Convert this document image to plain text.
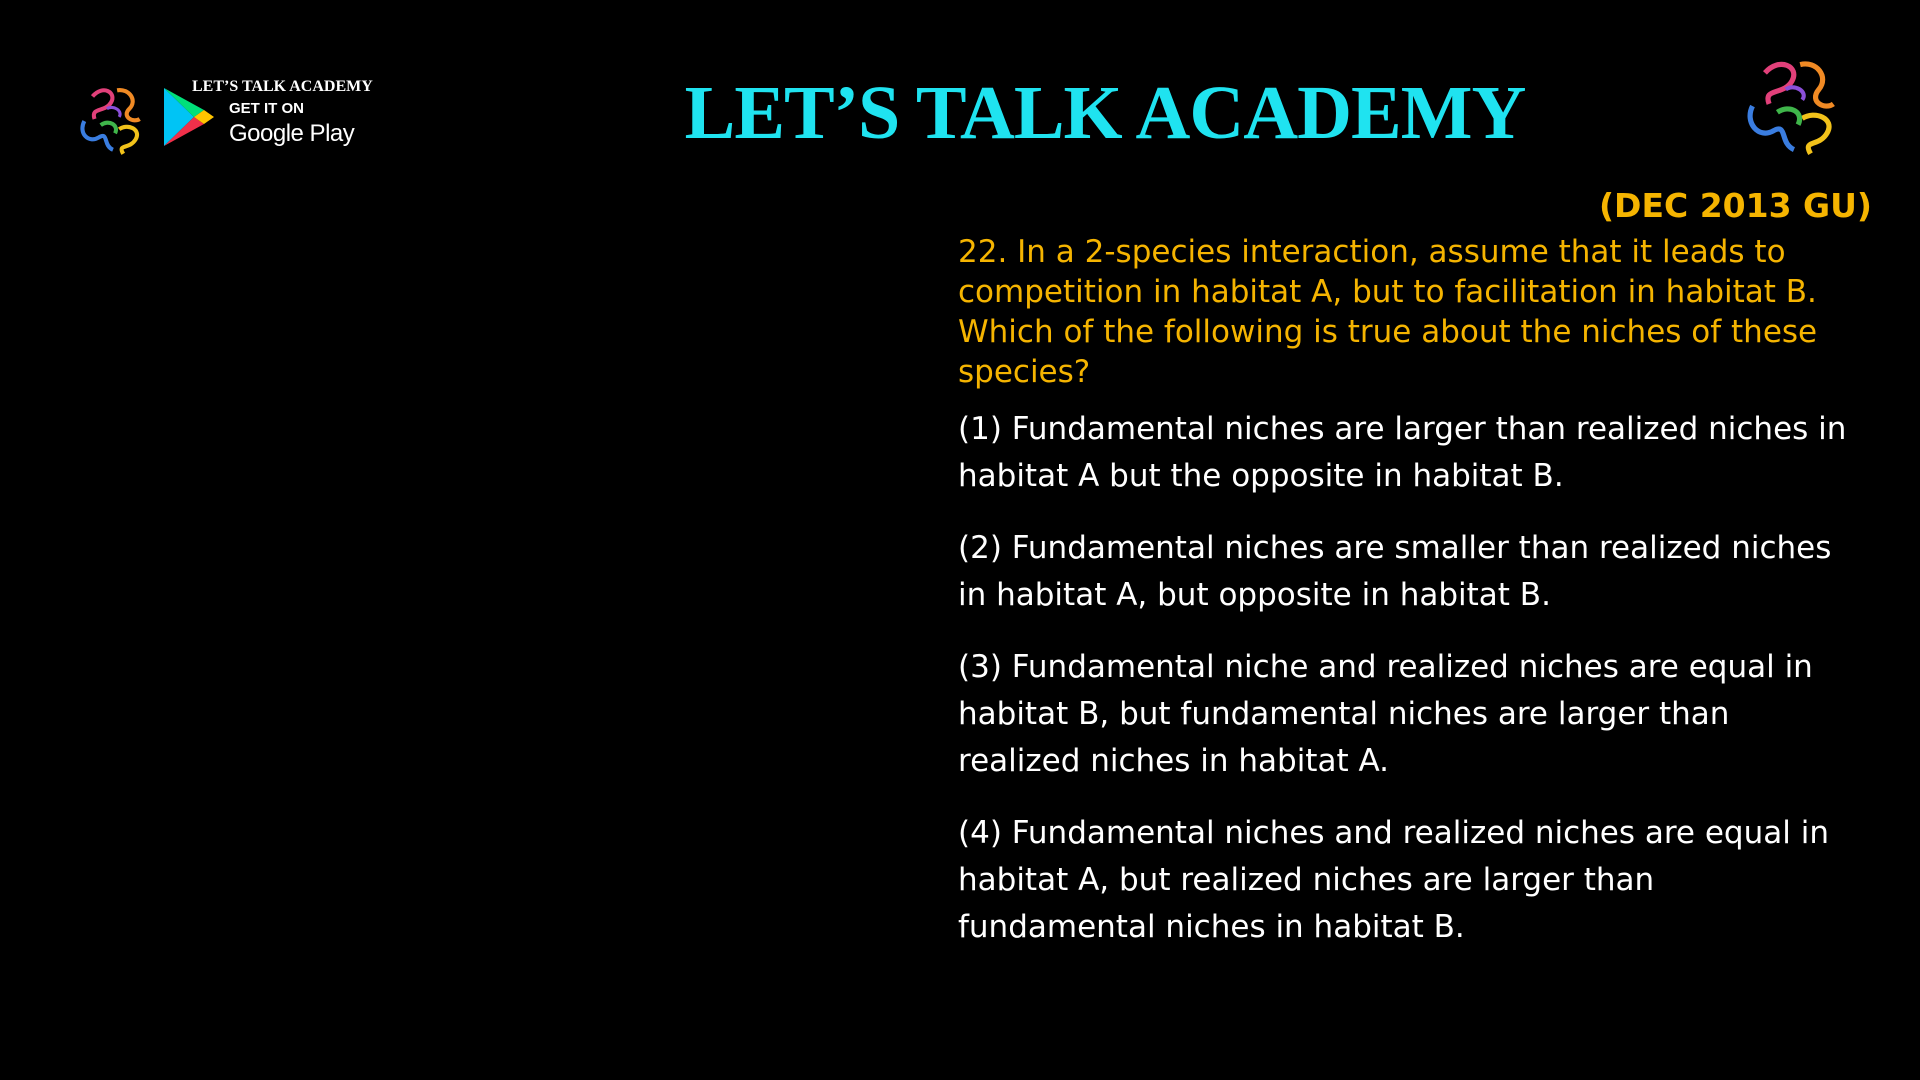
LET’S TALK ACADEMY
GET IT ON
Google Play	LET’S TALK ACADEMY
(DEC 2013 GU)

22. In a 2-species interaction, assume that it leads to competition in habitat A, but to facilitation in habitat B. Which of the following is true about the niches of these species?

(1) Fundamental niches are larger than realized niches in habitat A but the opposite in habitat B.

(2) Fundamental niches are smaller than realized niches in habitat A, but opposite in habitat B.

(3) Fundamental niche and realized niches are equal in habitat B, but fundamental niches are larger than realized niches in habitat A.

(4) Fundamental niches and realized niches are equal in habitat A, but realized niches are larger than fundamental niches in habitat B.
